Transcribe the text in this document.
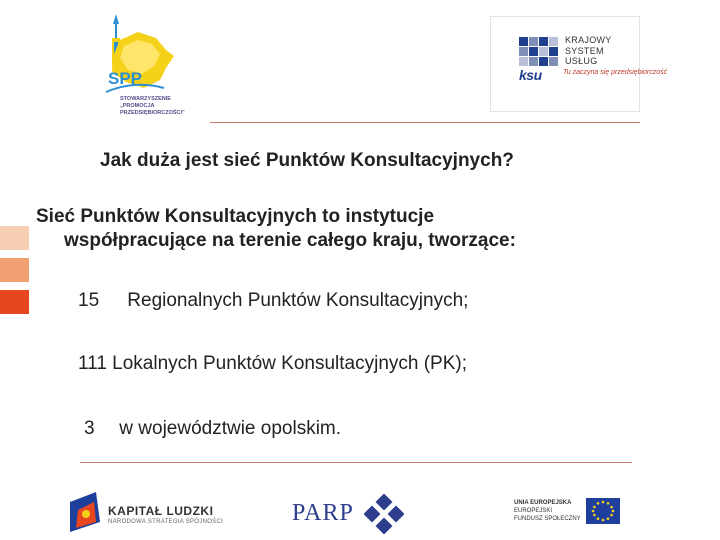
SPP
STOWARZYSZENIE
„PROMOCJA PRZEDSIĘBIORCZOŚCI”
ksu
KRAJOWY
SYSTEM
USŁUG
Tu zaczyna się przedsiębiorczość
Jak duża jest sieć Punktów Konsultacyjnych?
Sieć Punktów Konsultacyjnych to instytucje
współpracujące na terenie całego kraju, tworzące:
15 Regionalnych Punktów Konsultacyjnych;
111 Lokalnych Punktów Konsultacyjnych (PK);
3 w województwie opolskim.
KAPITAŁ LUDZKI
NARODOWA STRATEGIA SPÓJNOŚCI	PARP	UNIA EUROPEJSKA
EUROPEJSKI
FUNDUSZ SPOŁECZNY
